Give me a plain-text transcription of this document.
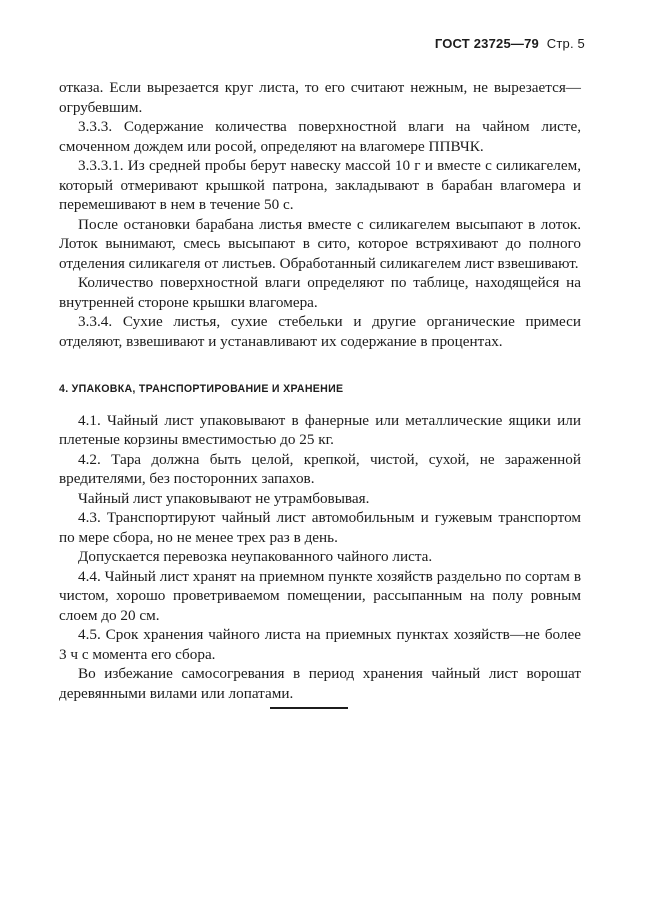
ГОСТ 23725—79 Стр. 5

отказа. Если вырезается круг листа, то его считают нежным, не вырезается—огрубевшим.

3.3.3. Содержание количества поверхностной влаги на чайном листе, смоченном дождем или росой, определяют на влагомере ППВЧК.

3.3.3.1. Из средней пробы берут навеску массой 10 г и вместе с силикагелем, который отмеривают крышкой патрона, закладывают в барабан влагомера и перемешивают в нем в течение 50 с.

После остановки барабана листья вместе с силикагелем высыпают в лоток. Лоток вынимают, смесь высыпают в сито, которое встряхивают до полного отделения силикагеля от листьев. Обработанный силикагелем лист взвешивают.

Количество поверхностной влаги определяют по таблице, находящейся на внутренней стороне крышки влагомера.

3.3.4. Сухие листья, сухие стебельки и другие органические примеси отделяют, взвешивают и устанавливают их содержание в процентах.

4. УПАКОВКА, ТРАНСПОРТИРОВАНИЕ И ХРАНЕНИЕ

4.1. Чайный лист упаковывают в фанерные или металлические ящики или плетеные корзины вместимостью до 25 кг.

4.2. Тара должна быть целой, крепкой, чистой, сухой, не зараженной вредителями, без посторонних запахов.

Чайный лист упаковывают не утрамбовывая.

4.3. Транспортируют чайный лист автомобильным и гужевым транспортом по мере сбора, но не менее трех раз в день.

Допускается перевозка неупакованного чайного листа.

4.4. Чайный лист хранят на приемном пункте хозяйств раздельно по сортам в чистом, хорошо проветриваемом помещении, рассыпанным на полу ровным слоем до 20 см.

4.5. Срок хранения чайного листа на приемных пунктах хозяйств—не более 3 ч с момента его сбора.

Во избежание самосогревания в период хранения чайный лист ворошат деревянными вилами или лопатами.
